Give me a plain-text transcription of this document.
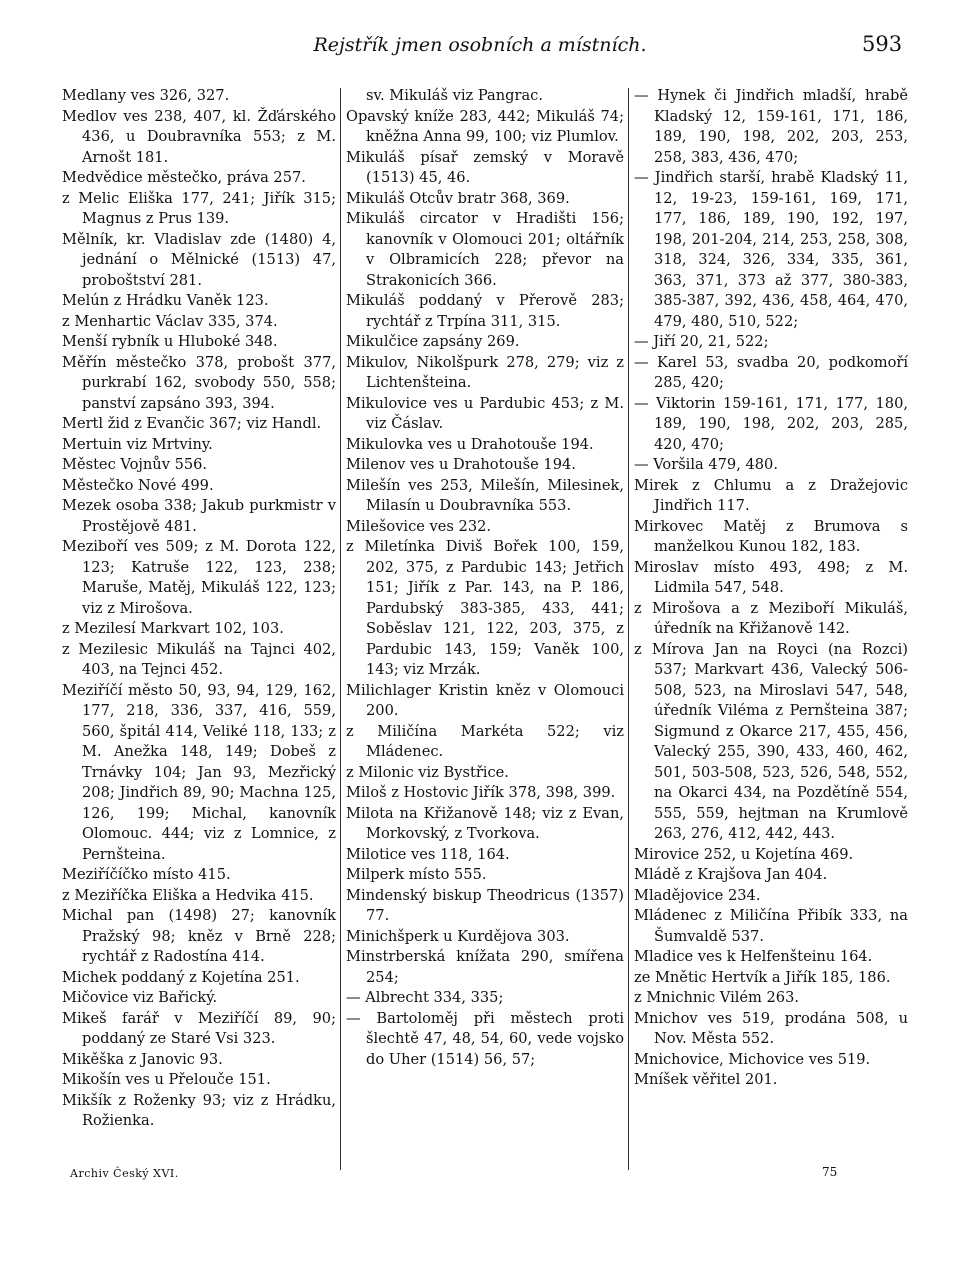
Rejstřík jmen osobních a místních.	593
Medlany ves 326, 327.
Medlov ves 238, 407, kl. Žďárského 436, u Doubravníka 553; z M. Arnošt 181.
Medvědice městečko, práva 257.
z Melic Eliška 177, 241; Jiřík 315; Magnus z Prus 139.
Mělník, kr. Vladislav zde (1480) 4, jednání o Mělnické (1513) 47, proboštství 281.
Melún z Hrádku Vaněk 123.
z Menhartic Václav 335, 374.
Menší rybník u Hluboké 348.
Měřín městečko 378, probošt 377, purkrabí 162, svobody 550, 558; panství zapsáno 393, 394.
Mertl žid z Evančic 367; viz Handl.
Mertuin viz Mrtviny.
Městec Vojnův 556.
Městečko Nové 499.
Mezek osoba 338; Jakub purkmistr v Prostějově 481.
Meziboří ves 509; z M. Dorota 122, 123; Katruše 122, 123, 238; Maruše, Matěj, Mikuláš 122, 123; viz z Mirošova.
z Mezilesí Markvart 102, 103.
z Mezilesic Mikuláš na Tajnci 402, 403, na Tejnci 452.
Meziříčí město 50, 93, 94, 129, 162, 177, 218, 336, 337, 416, 559, 560, špitál 414, Veliké 118, 133; z M. Anežka 148, 149; Dobeš z Trnávky 104; Jan 93, Mezřický 208; Jindřich 89, 90; Machna 125, 126, 199; Michal, kanovník Olomouc. 444; viz z Lomnice, z Pernšteina.
Meziříčíčko místo 415.
z Meziříčka Eliška a Hedvika 415.
Michal pan (1498) 27; kanovník Pražský 98; kněz v Brně 228; rychtář z Radostína 414.
Michek poddaný z Kojetína 251.
Mičovice viz Bařický.
Mikeš farář v Meziříčí 89, 90; poddaný ze Staré Vsi 323.
Mikěška z Janovic 93.
Mikošín ves u Přelouče 151.
Mikšík z Roženky 93; viz z Hrádku, Rožienka.
sv. Mikuláš viz Pangrac.
Opavský kníže 283, 442; Mikuláš 74; kněžna Anna 99, 100; viz Plumlov.
Mikuláš písař zemský v Moravě (1513) 45, 46.
Mikuláš Otcův bratr 368, 369.
Mikuláš circator v Hradišti 156; kanovník v Olomouci 201; oltářník v Olbramicích 228; převor na Strakonicích 366.
Mikuláš poddaný v Přerově 283; rychtář z Trpína 311, 315.
Mikulčice zapsány 269.
Mikulov, Nikolšpurk 278, 279; viz z Lichtenšteina.
Mikulovice ves u Pardubic 453; z M. viz Čáslav.
Mikulovka ves u Drahotouše 194.
Milenov ves u Drahotouše 194.
Milešín ves 253, Milešín, Milesinek, Milasín u Doubravníka 553.
Milešovice ves 232.
z Miletínka Diviš Bořek 100, 159, 202, 375, z Pardubic 143; Jetřich 151; Jiřík z Par. 143, na P. 186, Pardubský 383-385, 433, 441; Soběslav 121, 122, 203, 375, z Pardubic 143, 159; Vaněk 100, 143; viz Mrzák.
Milichlager Kristin kněz v Olomouci 200.
z Miličína Markéta 522; viz Mládenec.
z Milonic viz Bystřice.
Miloš z Hostovic Jiřík 378, 398, 399.
Milota na Křižanově 148; viz z Evan, Morkovský, z Tvorkova.
Milotice ves 118, 164.
Milperk místo 555.
Mindenský biskup Theodricus (1357) 77.
Minichšperk u Kurdějova 303.
Minstrberská knížata 290, smířena 254;
— Albrecht 334, 335;
— Bartoloměj při městech proti šlechtě 47, 48, 54, 60, vede vojsko do Uher (1514) 56, 57;
— Hynek či Jindřich mladší, hrabě Kladský 12, 159-161, 171, 186, 189, 190, 198, 202, 203, 253, 258, 383, 436, 470;
— Jindřich starší, hrabě Kladský 11, 12, 19-23, 159-161, 169, 171, 177, 186, 189, 190, 192, 197, 198, 201-204, 214, 253, 258, 308, 318, 324, 326, 334, 335, 361, 363, 371, 373 až 377, 380-383, 385-387, 392, 436, 458, 464, 470, 479, 480, 510, 522;
— Jiří 20, 21, 522;
— Karel 53, svadba 20, podkomoří 285, 420;
— Viktorin 159-161, 171, 177, 180, 189, 190, 198, 202, 203, 285, 420, 470;
— Voršila 479, 480.
Mirek z Chlumu a z Dražejovic Jindřich 117.
Mirkovec Matěj z Brumova s manželkou Kunou 182, 183.
Miroslav místo 493, 498; z M. Lidmila 547, 548.
z Mirošova a z Meziboří Mikuláš, úředník na Křižanově 142.
z Mírova Jan na Royci (na Rozci) 537; Markvart 436, Valecký 506-508, 523, na Miroslavi 547, 548, úředník Viléma z Pernšteina 387; Sigmund z Okarce 217, 455, 456, Valecký 255, 390, 433, 460, 462, 501, 503-508, 523, 526, 548, 552, na Okarci 434, na Pozdětíně 554, 555, 559, hejtman na Krumlově 263, 276, 412, 442, 443.
Mirovice 252, u Kojetína 469.
Mládě z Krajšova Jan 404.
Mladějovice 234.
Mládenec z Miličína Přibík 333, na Šumvaldě 537.
Mladice ves k Helfenšteinu 164.
ze Mnětic Hertvík a Jiřík 185, 186.
z Mnichnic Vilém 263.
Mnichov ves 519, prodána 508, u Nov. Města 552.
Mnichovice, Michovice ves 519.
Mníšek věřitel 201.
Archiv Český XVI.	75
